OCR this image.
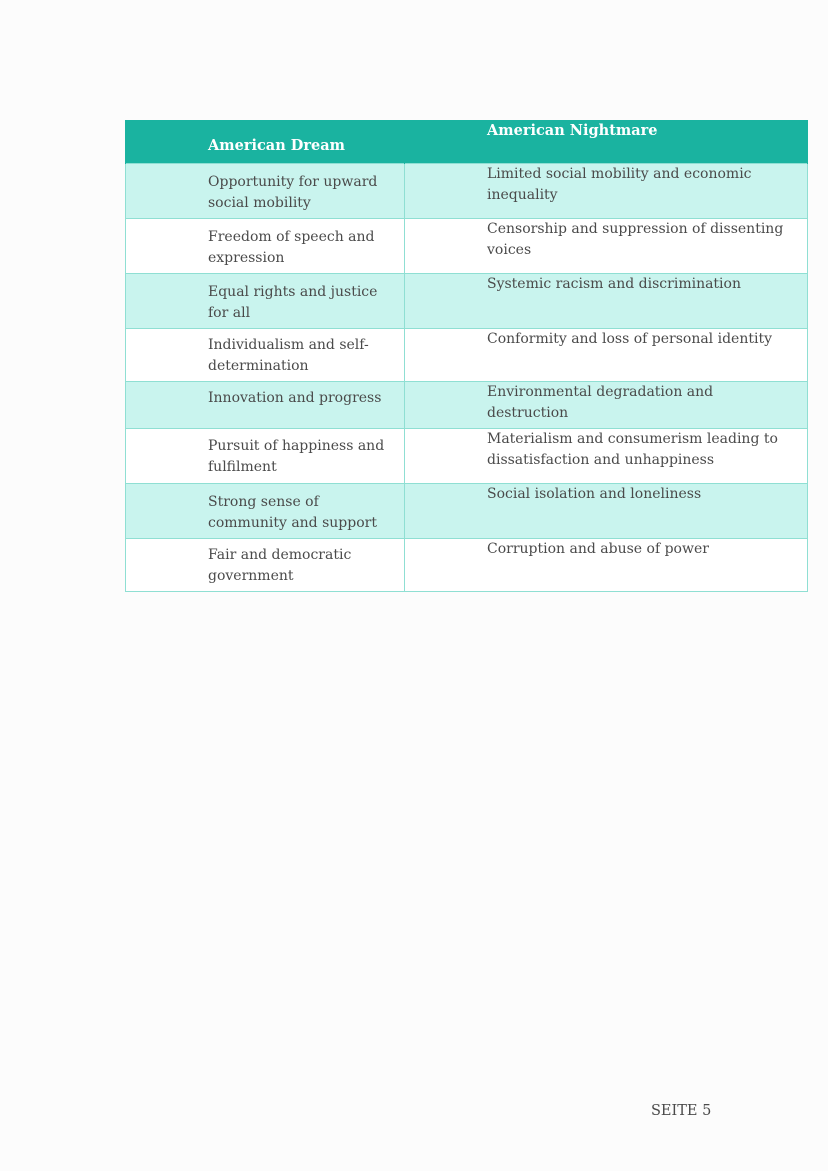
American Dream	American Nightmare
Opportunity for upward social mobility	Limited social mobility and economic inequality
Freedom of speech and expression	Censorship and suppression of dissenting voices
Equal rights and justice for all	Systemic racism and discrimination
Individualism and self-determination	Conformity and loss of personal identity
Innovation and progress	Environmental degradation and destruction
Pursuit of happiness and fulfilment	Materialism and consumerism leading to dissatisfaction and unhappiness
Strong sense of community and support	Social isolation and loneliness
Fair and democratic government	Corruption and abuse of power
SEITE 5
